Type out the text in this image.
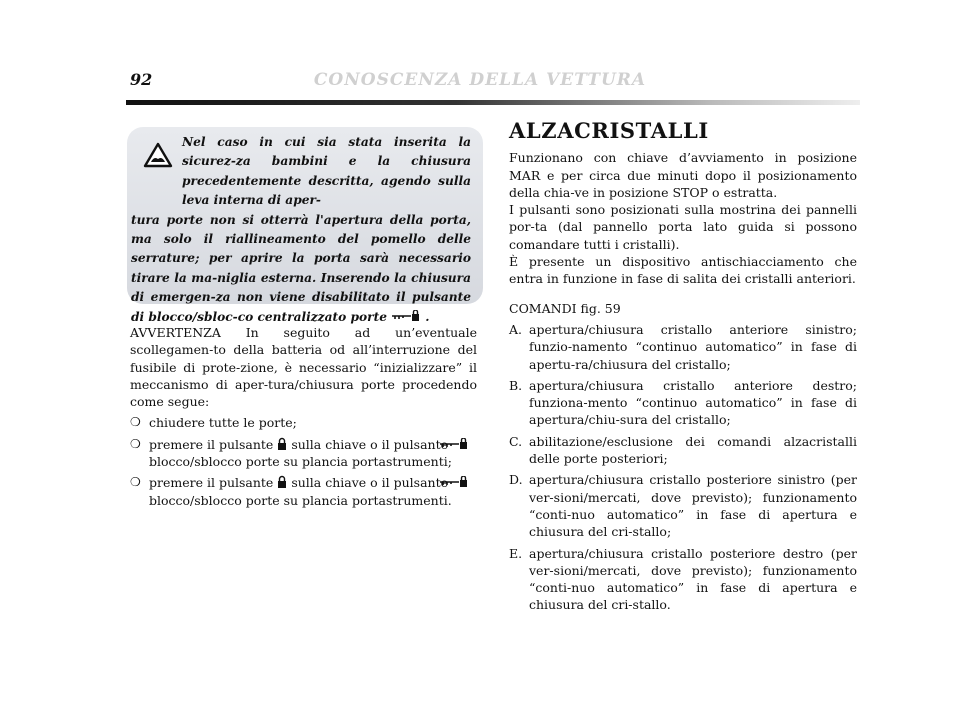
92	CONOSCENZA DELLA VETTURA
Nel caso in cui sia stata inserita la sicurez-za bambini e la chiusura precedentemente descritta, agendo sulla leva interna di aper-
tura porte non si otterrà l'apertura della porta, ma solo il riallineamento del pomello delle serrature; per aprire la porta sarà necessario tirare la ma-niglia esterna. Inserendo la chiusura di emergen-za non viene disabilitato il pulsante di blocco/sbloc-co centralizzato porte	.

AVVERTENZA In seguito ad un’eventuale scollegamen-to della batteria od all’interruzione del fusibile di prote-zione, è necessario “inizializzare” il meccanismo di aper-tura/chiusura porte procedendo come segue:

❍ chiudere tutte le porte;
❍ premere il pulsante sulla chiave o il pulsante

blocco/sblocco porte su plancia portastrumenti;
❍ premere il pulsante sulla chiave o il pulsante

blocco/sblocco porte su plancia portastrumenti.
ALZACRISTALLI

Funzionano con chiave d’avviamento in posizione MAR e per circa due minuti dopo il posizionamento della chia-ve in posizione STOP o estratta.

I pulsanti sono posizionati sulla mostrina dei pannelli por-ta (dal pannello porta lato guida si possono comandare tutti i cristalli).

È presente un dispositivo antischiacciamento che entra in funzione in fase di salita dei cristalli anteriori.

COMANDI fig. 59

A. apertura/chiusura cristallo anteriore sinistro; funzio-namento “continuo automatico” in fase di apertu-ra/chiusura del cristallo;
B. apertura/chiusura cristallo anteriore destro; funziona-mento “continuo automatico” in fase di apertura/chiu-sura del cristallo;
C. abilitazione/esclusione dei comandi alzacristalli delle porte posteriori;
D. apertura/chiusura cristallo posteriore sinistro (per ver-sioni/mercati, dove previsto); funzionamento “conti-nuo automatico” in fase di apertura e chiusura del cri-stallo;
E. apertura/chiusura cristallo posteriore destro (per ver-sioni/mercati, dove previsto); funzionamento “conti-nuo automatico” in fase di apertura e chiusura del cri-stallo.
